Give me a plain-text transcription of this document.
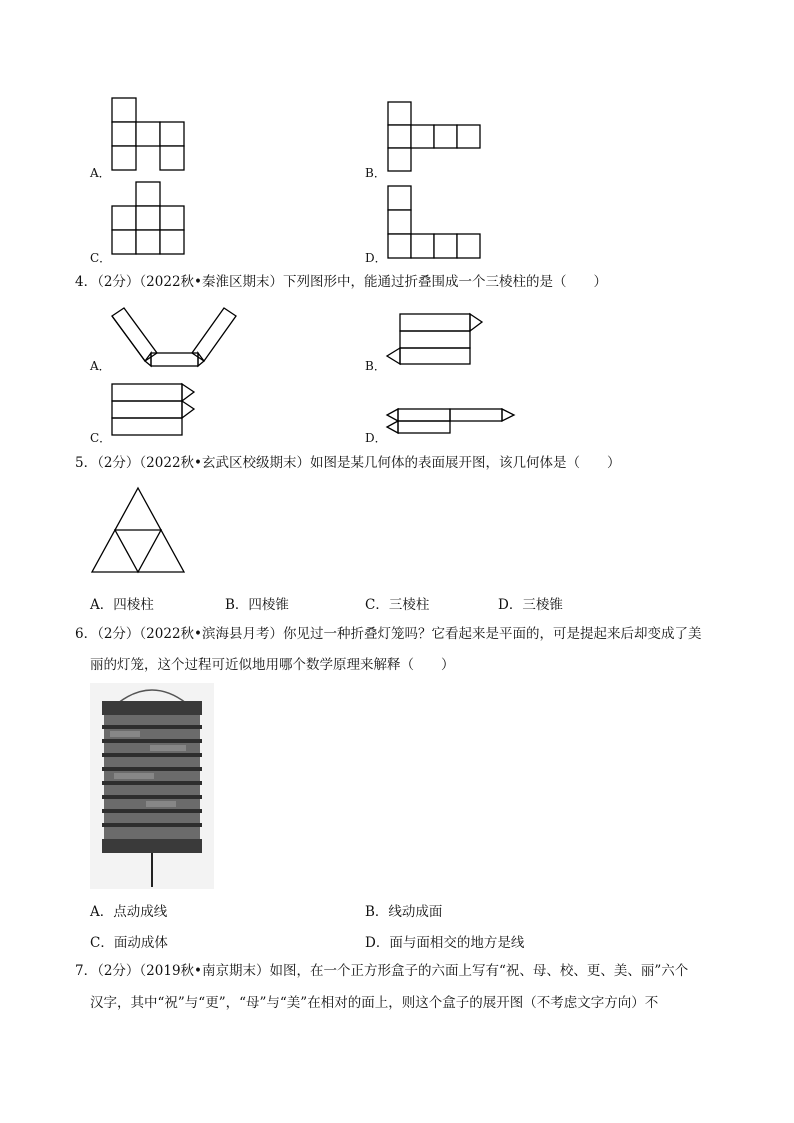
A．	B．
C．	D．
4．（2分）（2022秋•秦淮区期末）下列图形中，能通过折叠围成一个三棱柱的是（　　）
A．	B．
C．	D．
5．（2分）（2022秋•玄武区校级期末）如图是某几何体的表面展开图，该几何体是（　　）
A．四棱柱	B．四棱锥	C．三棱柱	D．三棱锥
6．（2分）（2022秋•滨海县月考）你见过一种折叠灯笼吗？它看起来是平面的，可是提起来后却变成了美
丽的灯笼，这个过程可近似地用哪个数学原理来解释（　　）
A．点动成线	B．线动成面
C．面动成体	D．面与面相交的地方是线
7．（2分）（2019秋•南京期末）如图，在一个正方形盒子的六面上写有“祝、母、校、更、美、丽”六个
汉字，其中“祝”与“更”，“母”与“美”在相对的面上，则这个盒子的展开图（不考虑文字方向）不
